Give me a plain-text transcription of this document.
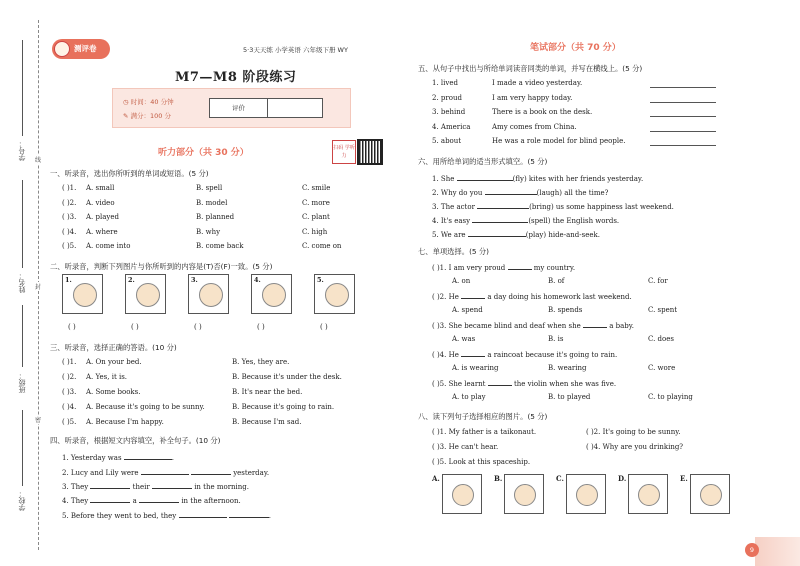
学号：
姓名：
班级：
学校：
线
封
密
测评卷	5·3天天练 小学英语 六年级下册 WY
M7—M8 阶段练习
◷ 时间：40 分钟
✎ 满分：100 分
评价
听力部分（共 30 分）	扫码 学听力
一、听录音，选出你所听到的单词或短语。(5 分)
( )1. A. small	B. spell	C. smile
( )2. A. video	B. model	C. more
( )3. A. played	B. planned	C. plant
( )4. A. where	B. why	C. high
( )5. A. come into	B. come back	C. come on
二、听录音，判断下列图片与你所听到的内容是(T)否(F)一致。(5 分)
1.
( )
2.
( )
3.
( )
4.
( )
5.
( )
三、听录音，选择正确的答语。(10 分)
( )1. A. On your bed.	B. Yes, they are.
( )2. A. Yes, it is.	B. Because it's under the desk.
( )3. A. Some books.	B. It's near the bed.
( )4. A. Because it's going to be sunny.	B. Because it's going to rain.
( )5. A. Because I'm happy.	B. Because I'm sad.
四、听录音，根据短文内容填空，补全句子。(10 分)
1. Yesterday was	.
2. Lucy and Lily were	yesterday.
3. They	their	in the morning.
4. They	a	in the afternoon.
5. Before they went to bed, they	.
笔试部分（共 70 分）
五、从句子中找出与所给单词读音同类的单词，并写在横线上。(5 分)
1. lived	I made a video yesterday.
2. proud	I am very happy today.
3. behind	There is a book on the desk.
4. America	Amy comes from China.
5. about	He was a role model for blind people.
六、用所给单词的适当形式填空。(5 分)
1. She	(fly) kites with her friends yesterday.
2. Why do you	(laugh) all the time?
3. The actor	(bring) us some happiness last weekend.
4. It's easy	(spell) the English words.
5. We are	(play) hide-and-seek.
七、单项选择。(5 分)
( )1. I am very proud	my country.
A. on	B. of	C. for
( )2. He	a day doing his homework last weekend.
A. spend	B. spends	C. spent
( )3. She became blind and deaf when she	a baby.
A. was	B. is	C. does
( )4. He	a raincoat because it's going to rain.
A. is wearing	B. wearing	C. wore
( )5. She learnt	the violin when she was five.
A. to play	B. to played	C. to playing
八、读下列句子选择相应的图片。(5 分)
( )1. My father is a taikonaut.	( )2. It's going to be sunny.
( )3. He can't hear.	( )4. Why are you drinking?
( )5. Look at this spaceship.
A.	B.	C.	D.	E.
9
